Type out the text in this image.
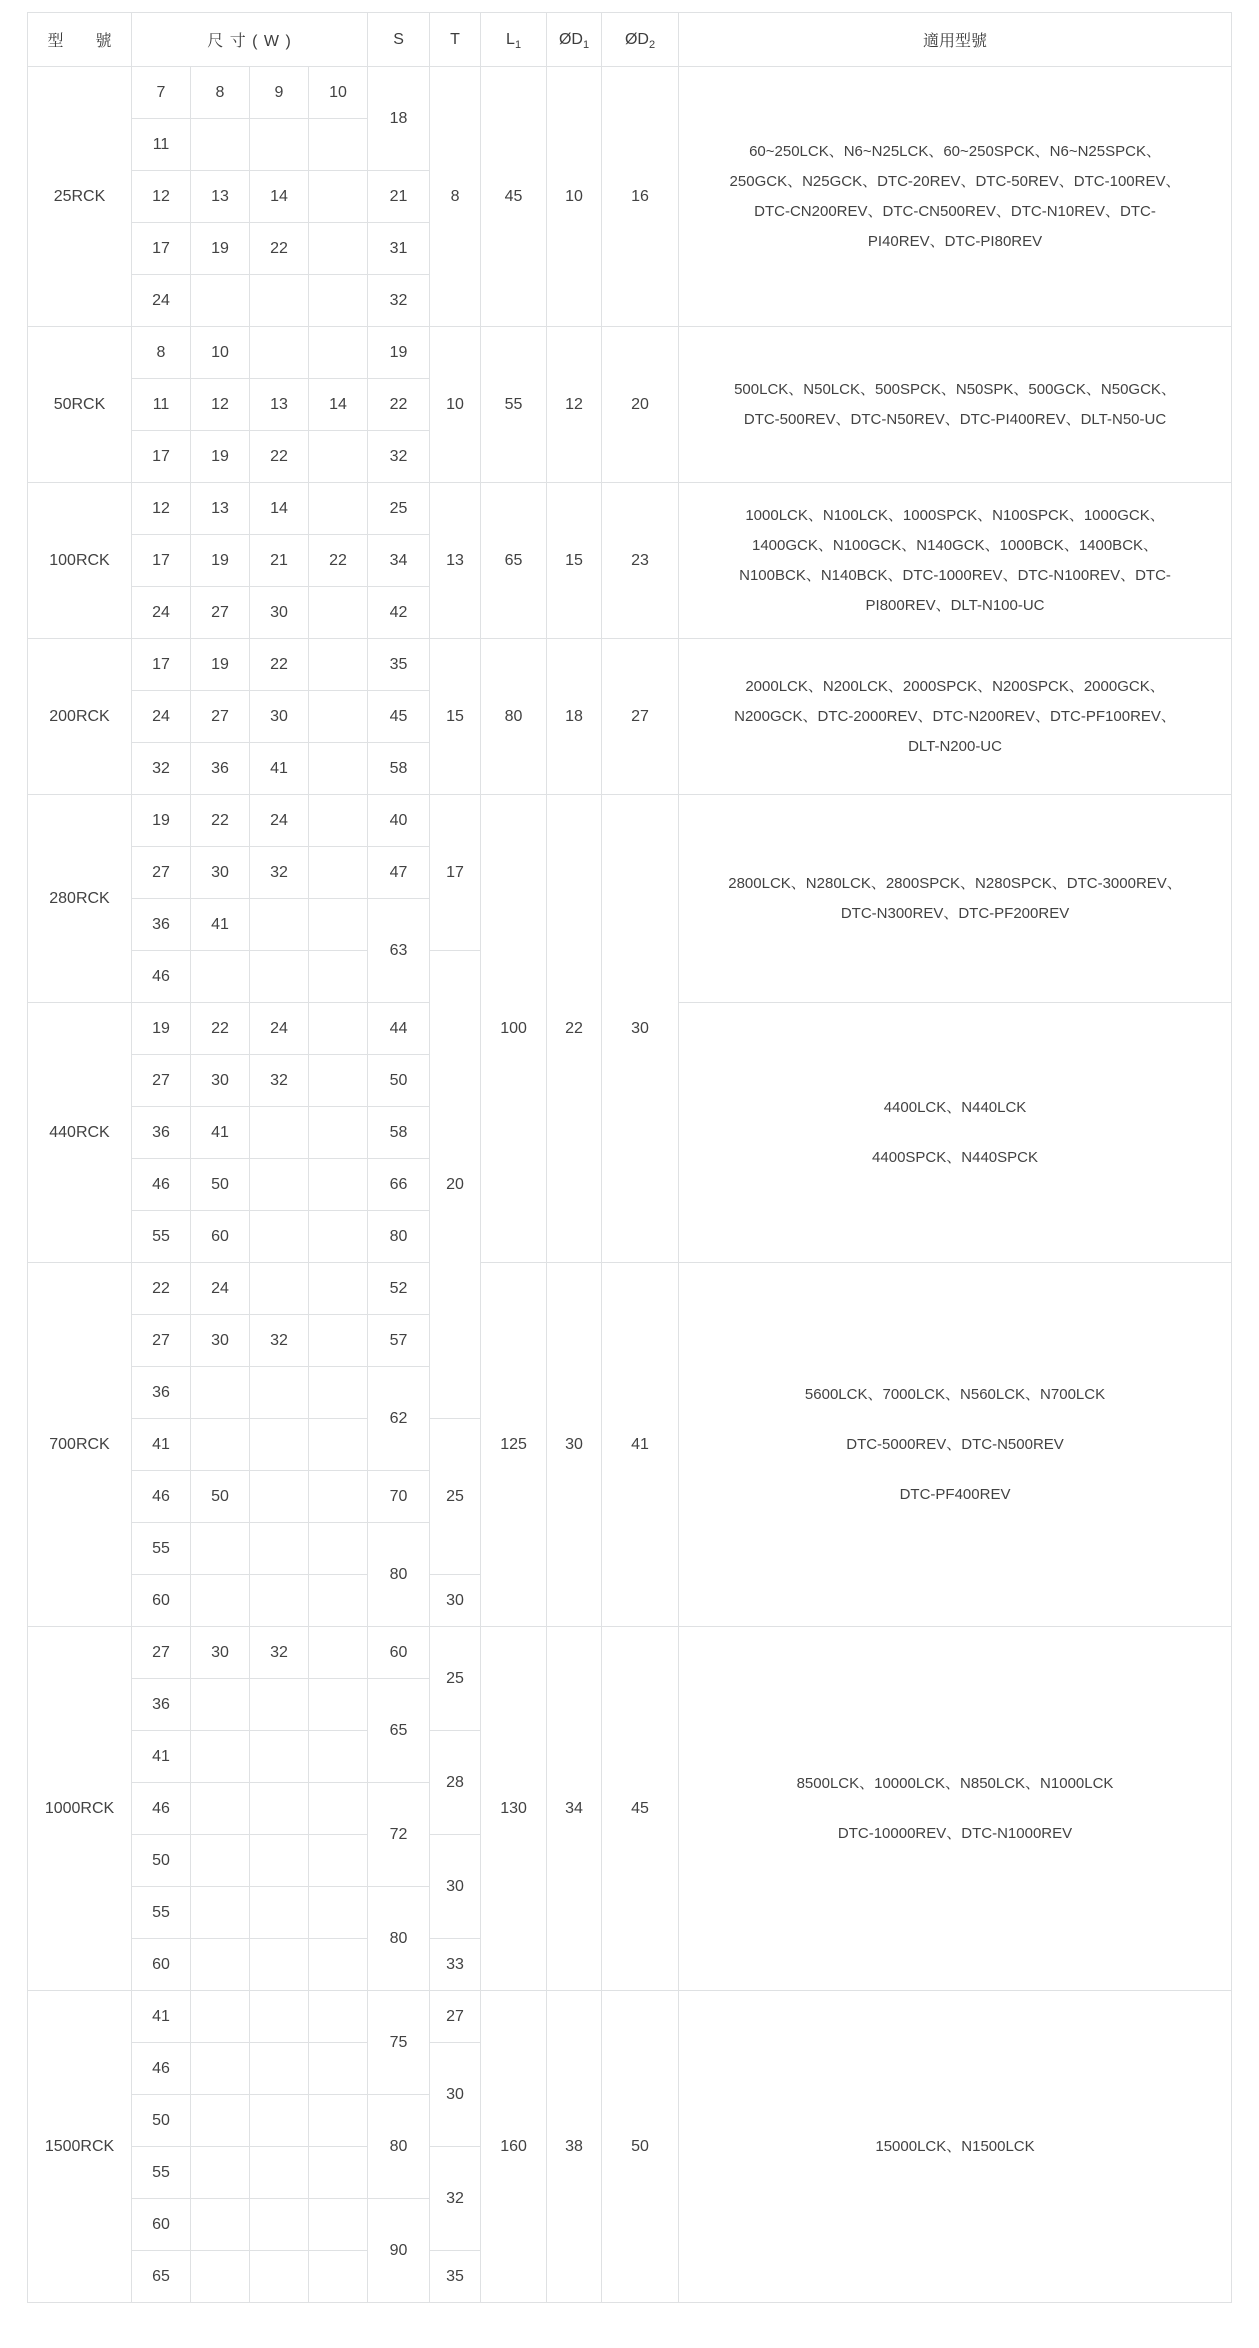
型　　號	尺 寸 ( W )				S	T	$L_1$	$ØD_1$	$ØD_2$	適用型號
25RCK	7	8	9	10	18	8	45	10	16	60~250LCK、N6~N25LCK、60~250SPCK、N6~N25SPCK、250GCK、N25GCK、DTC-20REV、DTC-50REV、DTC-100REV、DTC-CN200REV、DTC-CN500REV、DTC-N10REV、DTC-PI40REV、DTC-PI80REV

	11									
	12	13	14		21					
	17	19	22		31					
	24				32					
50RCK	8	10			19	10	55	12	20	500LCK、N50LCK、500SPCK、N50SPK、500GCK、N50GCK、DTC-500REV、DTC-N50REV、DTC-PI400REV、DLT-N50-UC

	11	12	13	14	22					
	17	19	22		32					
100RCK	12	13	14		25	13	65	15	23	1000LCK、N100LCK、1000SPCK、N100SPCK、1000GCK、1400GCK、N100GCK、N140GCK、1000BCK、1400BCK、N100BCK、N140BCK、DTC-1000REV、DTC-N100REV、DTC-PI800REV、DLT-N100-UC

	17	19	21	22	34					
	24	27	30		42					
200RCK	17	19	22		35	15	80	18	27	2000LCK、N200LCK、2000SPCK、N200SPCK、2000GCK、N200GCK、DTC-2000REV、DTC-N200REV、DTC-PF100REV、DLT-N200-UC

	24	27	30		45					
	32	36	41		58					
280RCK	19	22	24		40	17	100	22	30	2800LCK、N280LCK、2800SPCK、N280SPCK、DTC-3000REV、DTC-N300REV、DTC-PF200REV

	27	30	32		47					
	36	41			63					
	46					20				
440RCK	19	22	24		44					4400LCK、N440LCK
4400SPCK、N440SPCK

	27	30	32		50					
	36	41			58					
	46	50			66					
	55	60			80					
700RCK	22	24			52		125	30	41	5600LCK、7000LCK、N560LCK、N700LCK
DTC-5000REV、DTC-N500REV
DTC-PF400REV

	27	30	32		57					
	36				62					
	41					25				
	46	50			70					
	55				80					
	60					30				
1000RCK	27	30	32		60	25	130	34	45	8500LCK、10000LCK、N850LCK、N1000LCK
DTC-10000REV、DTC-N1000REV

	36				65					
	41					28				
	46				72					
	50					30				
	55				80					
	60					33				
1500RCK	41				75	27	160	38	50	15000LCK、N1500LCK

	46					30				
	50				80					
	55					32				
	60				90					
	65					35				
